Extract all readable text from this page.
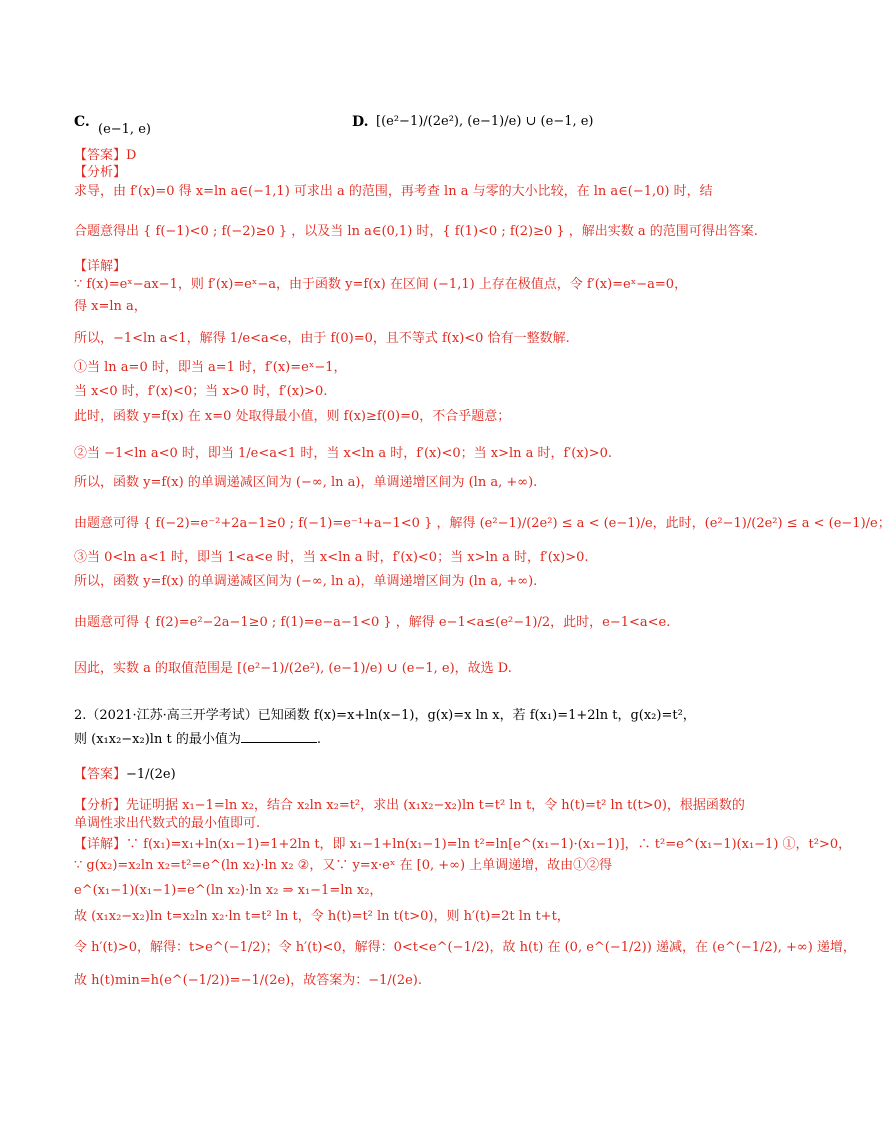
C. (e−1, e)	D. [(e²−1)/(2e²), (e−1)/e) ∪ (e−1, e)
【答案】D
【分析】
求导，由 f′(x)=0 得 x=ln a∈(−1,1) 可求出 a 的范围，再考查 ln a 与零的大小比较，在 ln a∈(−1,0) 时，结
合题意得出 { f(−1)<0 ; f(−2)≥0 } ，以及当 ln a∈(0,1) 时，{ f(1)<0 ; f(2)≥0 } ，解出实数 a 的范围可得出答案.
【详解】
∵ f(x)=eˣ−ax−1，则 f′(x)=eˣ−a，由于函数 y=f(x) 在区间 (−1,1) 上存在极值点，令 f′(x)=eˣ−a=0，
得 x=ln a，
所以，−1<ln a<1，解得 1/e<a<e，由于 f(0)=0，且不等式 f(x)<0 恰有一整数解.
①当 ln a=0 时，即当 a=1 时，f′(x)=eˣ−1，
当 x<0 时，f′(x)<0；当 x>0 时，f′(x)>0.
此时，函数 y=f(x) 在 x=0 处取得最小值，则 f(x)≥f(0)=0，不合乎题意；
②当 −1<ln a<0 时，即当 1/e<a<1 时，当 x<ln a 时，f′(x)<0；当 x>ln a 时，f′(x)>0.
所以，函数 y=f(x) 的单调递减区间为 (−∞, ln a)，单调递增区间为 (ln a, +∞).
由题意可得 { f(−2)=e⁻²+2a−1≥0 ; f(−1)=e⁻¹+a−1<0 } ，解得 (e²−1)/(2e²) ≤ a < (e−1)/e，此时，(e²−1)/(2e²) ≤ a < (e−1)/e；
③当 0<ln a<1 时，即当 1<a<e 时，当 x<ln a 时，f′(x)<0；当 x>ln a 时，f′(x)>0.
所以，函数 y=f(x) 的单调递减区间为 (−∞, ln a)，单调递增区间为 (ln a, +∞).
由题意可得 { f(2)=e²−2a−1≥0 ; f(1)=e−a−1<0 } ，解得 e−1<a≤(e²−1)/2，此时，e−1<a<e.
因此，实数 a 的取值范围是 [(e²−1)/(2e²), (e−1)/e) ∪ (e−1, e)，故选 D.
2.（2021·江苏·高三开学考试）已知函数 f(x)=x+ln(x−1)，g(x)=x ln x，若 f(x₁)=1+2ln t，g(x₂)=t²，
则 (x₁x₂−x₂)ln t 的最小值为	.
【答案】−1/(2e)
【分析】先证明据 x₁−1=ln x₂，结合 x₂ln x₂=t²，求出 (x₁x₂−x₂)ln t=t² ln t，令 h(t)=t² ln t(t>0)，根据函数的
单调性求出代数式的最小值即可.
【详解】∵ f(x₁)=x₁+ln(x₁−1)=1+2ln t，即 x₁−1+ln(x₁−1)=ln t²=ln[e^(x₁−1)·(x₁−1)]，∴ t²=e^(x₁−1)(x₁−1) ①，t²>0，
∵ g(x₂)=x₂ln x₂=t²=e^(ln x₂)·ln x₂ ②，又∵ y=x·eˣ 在 [0, +∞) 上单调递增，故由①②得
e^(x₁−1)(x₁−1)=e^(ln x₂)·ln x₂ ⇒ x₁−1=ln x₂，
故 (x₁x₂−x₂)ln t=x₂ln x₂·ln t=t² ln t，令 h(t)=t² ln t(t>0)，则 h′(t)=2t ln t+t，
令 h′(t)>0，解得：t>e^(−1/2)；令 h′(t)<0，解得：0<t<e^(−1/2)，故 h(t) 在 (0, e^(−1/2)) 递减，在 (e^(−1/2), +∞) 递增，
故 h(t)min=h(e^(−1/2))=−1/(2e)，故答案为：−1/(2e).
